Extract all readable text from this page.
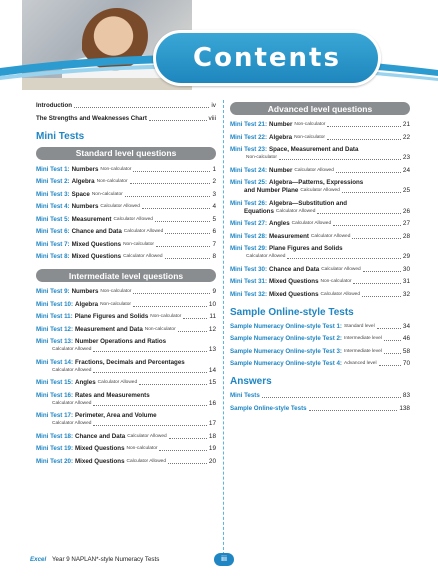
Contents
Introduction	iv
The Strengths and Weaknesses Chart	viii
Mini Tests
Standard level questions
Mini Test 1: Numbers Non-calculator	1
Mini Test 2: Algebra Non-calculator	2
Mini Test 3: Space Non-calculator	3
Mini Test 4: Numbers Calculator Allowed	4
Mini Test 5: Measurement Calculator Allowed	5
Mini Test 6: Chance and Data Calculator Allowed	6
Mini Test 7: Mixed Questions Non-calculator	7
Mini Test 8: Mixed Questions Calculator Allowed	8
Intermediate level questions
Mini Test 9: Numbers Non-calculator	9
Mini Test 10: Algebra Non-calculator	10
Mini Test 11: Plane Figures and Solids Non-calculator	11
Mini Test 12: Measurement and Data Non-calculator	12
Mini Test 13: Number Operations and Ratios
Calculator Allowed	13
Mini Test 14: Fractions, Decimals and Percentages
Calculator Allowed	14
Mini Test 15: Angles Calculator Allowed	15
Mini Test 16: Rates and Measurements
Calculator Allowed	16
Mini Test 17: Perimeter, Area and Volume
Calculator Allowed	17
Mini Test 18: Chance and Data Calculator Allowed	18
Mini Test 19: Mixed Questions Non-calculator	19
Mini Test 20: Mixed Questions Calculator Allowed	20
Advanced level questions
Mini Test 21: Number Non-calculator	21
Mini Test 22: Algebra Non-calculator	22
Mini Test 23: Space, Measurement and Data
Non-calculator	23
Mini Test 24: Number Calculator Allowed	24
Mini Test 25: Algebra—Patterns, Expressions
and Number Plane Calculator Allowed	25
Mini Test 26: Algebra—Substitution and
Equations Calculator Allowed	26
Mini Test 27: Angles Calculator Allowed	27
Mini Test 28: Measurement Calculator Allowed	28
Mini Test 29: Plane Figures and Solids
Calculator Allowed	29
Mini Test 30: Chance and Data Calculator Allowed	30
Mini Test 31: Mixed Questions Non-calculator	31
Mini Test 32: Mixed Questions Calculator Allowed	32
Sample Online-style Tests
Sample Numeracy Online-style Test 1: Standard level	34
Sample Numeracy Online-style Test 2: Intermediate level	46
Sample Numeracy Online-style Test 3: Intermediate level	58
Sample Numeracy Online-style Test 4: Advanced level	70
Answers
Mini Tests	83
Sample Online-style Tests	138
Excel Year 9 NAPLAN*-style Numeracy Tests	iii
